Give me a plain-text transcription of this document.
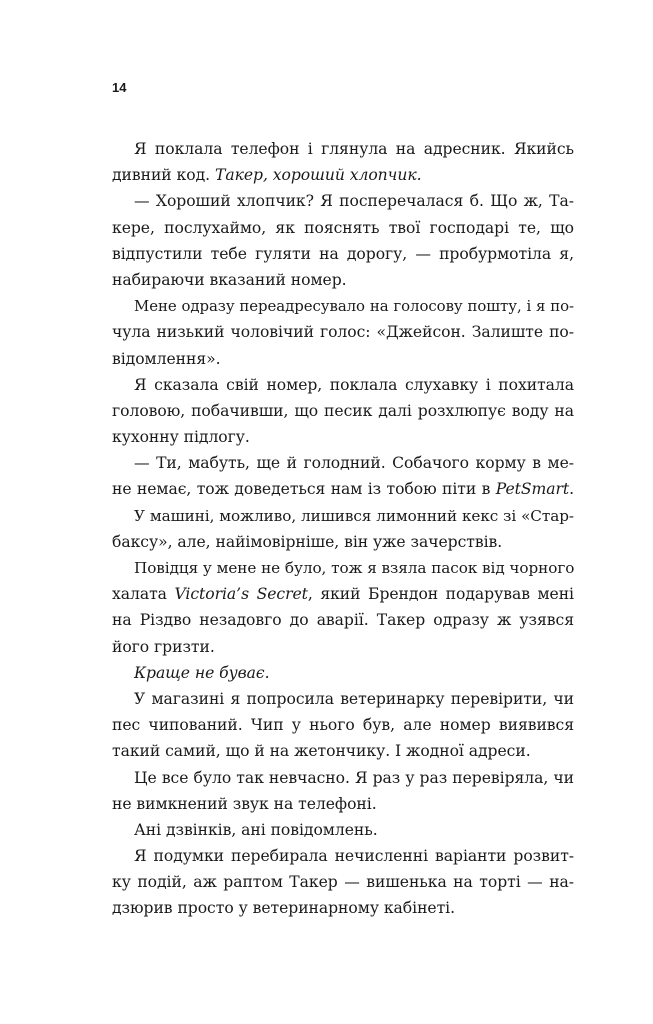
14
Я поклала телефон і глянула на адресник. Якийсь
дивний код. Такер, хороший хлопчик.
— Хороший хлопчик? Я посперечалася б. Що ж, Та-
кере, послухаймо, як пояснять твої господарі те, що
відпустили тебе гуляти на дорогу, — пробурмотіла я,
набираючи вказаний номер.
Мене одразу переадресувало на голосову пошту, і я по-
чула низький чоловічий голос: «Джейсон. Залиште по-
відомлення».
Я сказала свій номер, поклала слухавку і похитала
головою, побачивши, що песик далі розхлюпує воду на
кухонну підлогу.
— Ти, мабуть, ще й голодний. Собачого корму в ме-
не немає, тож доведеться нам із тобою піти в PetSmart.
У машині, можливо, лишився лимонний кекс зі «Стар-
баксу», але, найімовірніше, він уже зачерствів.
Повідця у мене не було, тож я взяла пасок від чорного
халата Victoria’s Secret, який Брендон подарував мені
на Різдво незадовго до аварії. Такер одразу ж узявся
його гризти.
Краще не буває.
У магазині я попросила ветеринарку перевірити, чи
пес чипований. Чип у нього був, але номер виявився
такий самий, що й на жетончику. І жодної адреси.
Це все було так невчасно. Я раз у раз перевіряла, чи
не вимкнений звук на телефоні.
Ані дзвінків, ані повідомлень.
Я подумки перебирала нечисленні варіанти розвит-
ку подій, аж раптом Такер — вишенька на торті — на-
дзюрив просто у ветеринарному кабінеті.
